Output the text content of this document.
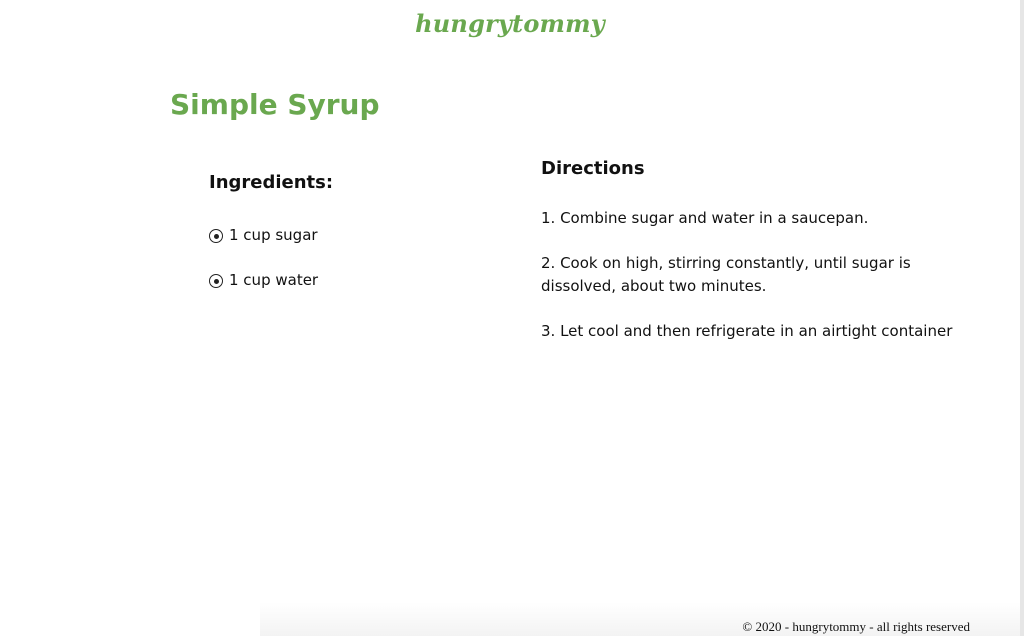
hungrytommy
Simple Syrup
Ingredients:
1 cup sugar
1 cup water
Directions
1. Combine sugar and water in a saucepan.
2. Cook on high, stirring constantly, until sugar is dissolved, about two minutes.
3. Let cool and then refrigerate in an airtight container
© 2020 - hungrytommy - all rights reserved
